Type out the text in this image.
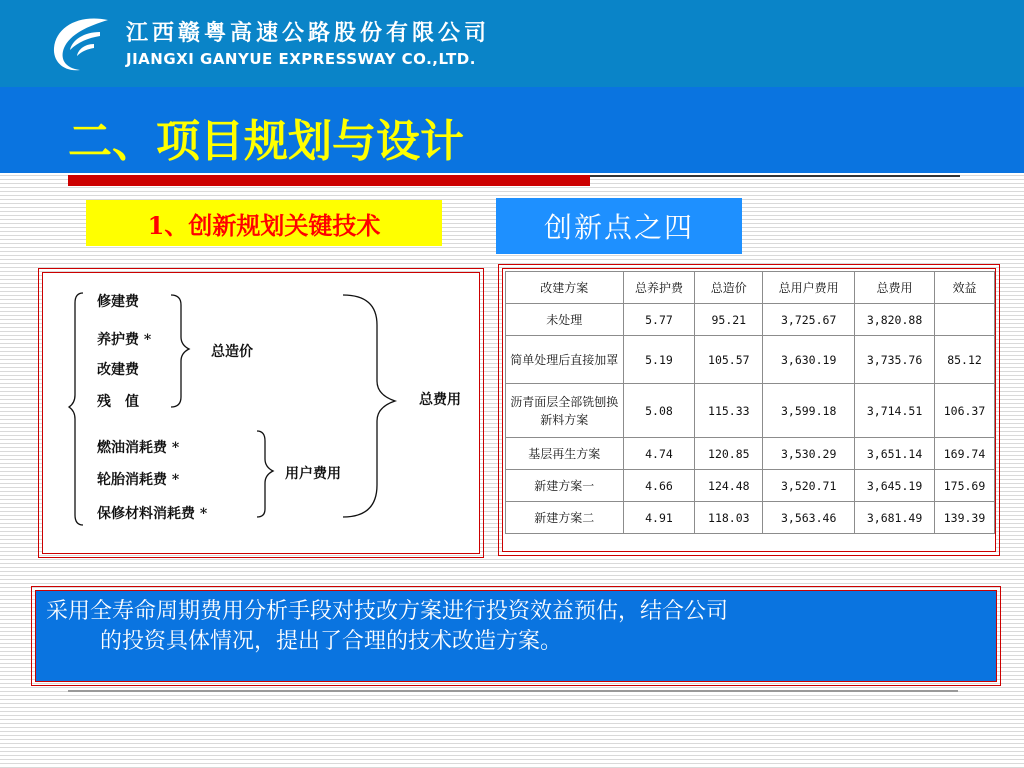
江西赣粤高速公路股份有限公司
JIANGXI GANYUE EXPRESSWAY CO.,LTD.
二、项目规划与设计
1、创新规划关键技术	创新点之四
修建费
养护费 *
改建费
残　值
燃油消耗费 *
轮胎消耗费 *
保修材料消耗费 *
总造价
用户费用
总费用
改建方案	总养护费	总造价	总用户费用	总费用	效益
未处理	5.77	95.21	3,725.67	3,820.88	
简单处理后直接加罩	5.19	105.57	3,630.19	3,735.76	85.12
沥青面层全部铣刨换新料方案	5.08	115.33	3,599.18	3,714.51	106.37
基层再生方案	4.74	120.85	3,530.29	3,651.14	169.74
新建方案一	4.66	124.48	3,520.71	3,645.19	175.69
新建方案二	4.91	118.03	3,563.46	3,681.49	139.39
采用全寿命周期费用分析手段对技改方案进行投资效益预估，结合公司
的投资具体情况，提出了合理的技术改造方案。
